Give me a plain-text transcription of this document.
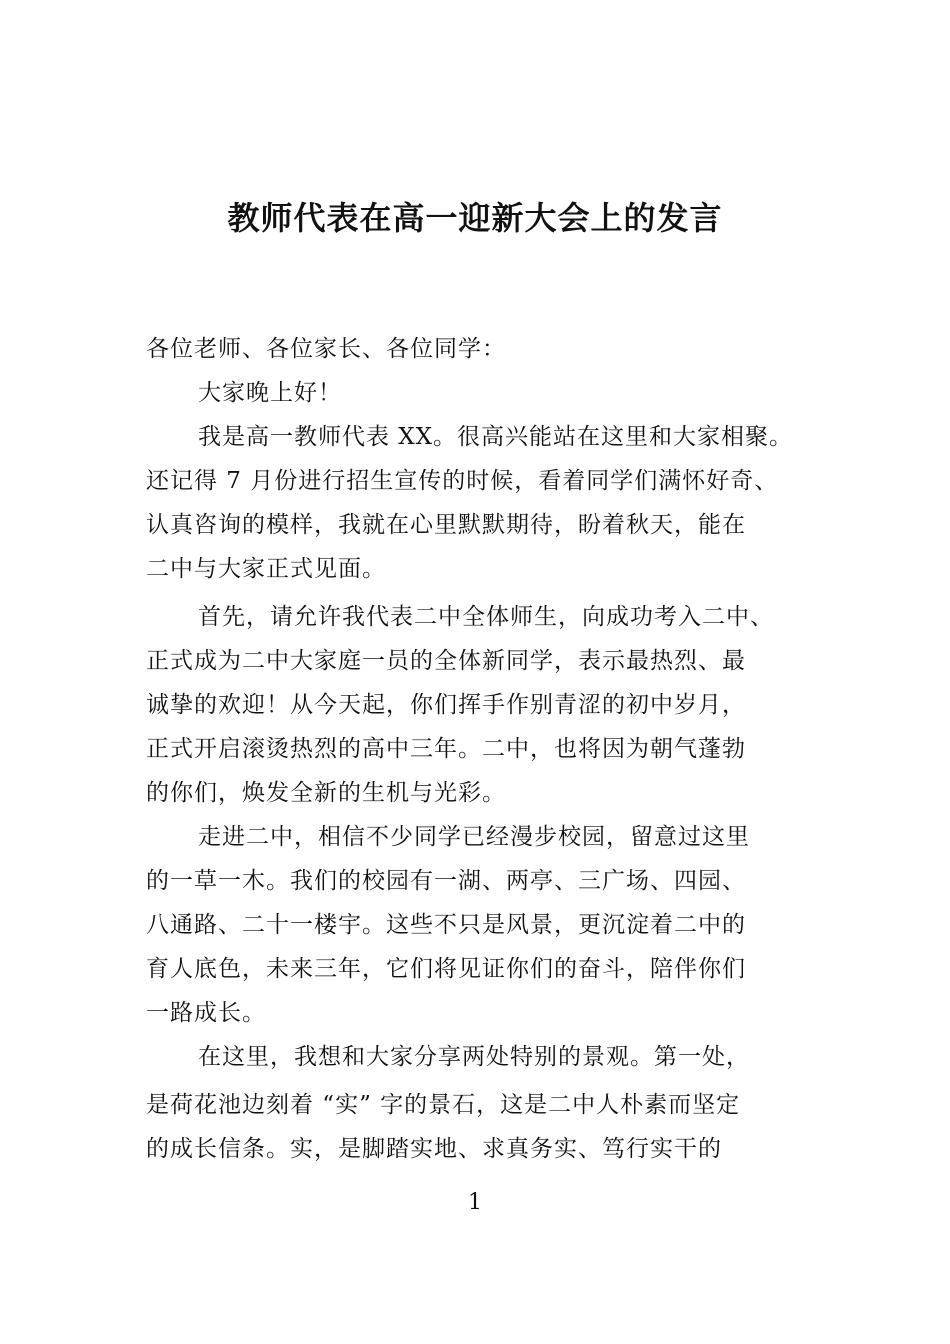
教师代表在高一迎新大会上的发言
各位老师、各位家长、各位同学：
大家晚上好！
我是高一教师代表 XX。很高兴能站在这里和大家相聚。
还记得 7 月份进行招生宣传的时候，看着同学们满怀好奇、
认真咨询的模样，我就在心里默默期待，盼着秋天，能在
二中与大家正式见面。
首先，请允许我代表二中全体师生，向成功考入二中、
正式成为二中大家庭一员的全体新同学，表示最热烈、最
诚挚的欢迎！从今天起，你们挥手作别青涩的初中岁月，
正式开启滚烫热烈的高中三年。二中，也将因为朝气蓬勃
的你们，焕发全新的生机与光彩。
走进二中，相信不少同学已经漫步校园，留意过这里
的一草一木。我们的校园有一湖、两亭、三广场、四园、
八通路、二十一楼宇。这些不只是风景，更沉淀着二中的
育人底色，未来三年，它们将见证你们的奋斗，陪伴你们
一路成长。
在这里，我想和大家分享两处特别的景观。第一处，
是荷花池边刻着 “实” 字的景石，这是二中人朴素而坚定
的成长信条。实，是脚踏实地、求真务实、笃行实干的
1
